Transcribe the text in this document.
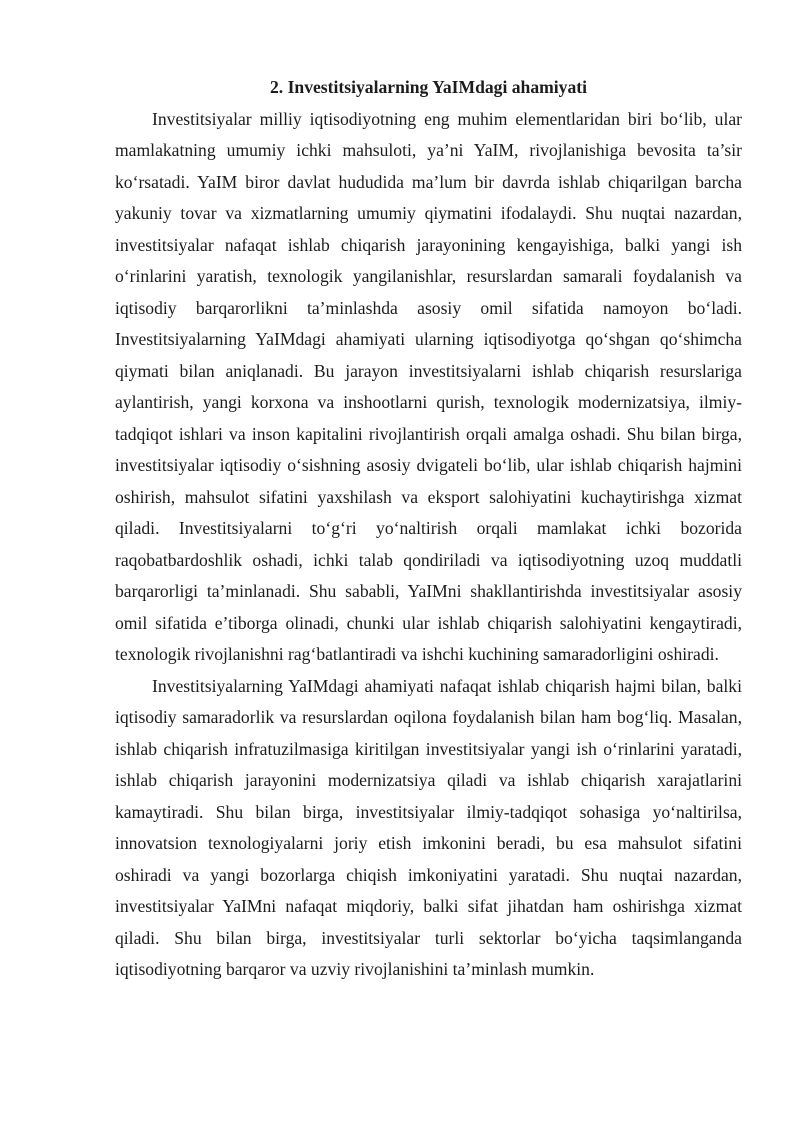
2. Investitsiyalarning YaIMdagi ahamiyati

Investitsiyalar milliy iqtisodiyotning eng muhim elementlaridan biri bo‘lib, ular mamlakatning umumiy ichki mahsuloti, ya’ni YaIM, rivojlanishiga bevosita ta’sir ko‘rsatadi. YaIM biror davlat hududida ma’lum bir davrda ishlab chiqarilgan barcha yakuniy tovar va xizmatlarning umumiy qiymatini ifodalaydi. Shu nuqtai nazardan, investitsiyalar nafaqat ishlab chiqarish jarayonining kengayishiga, balki yangi ish o‘rinlarini yaratish, texnologik yangilanishlar, resurslardan samarali foydalanish va iqtisodiy barqarorlikni ta’minlashda asosiy omil sifatida namoyon bo‘ladi. Investitsiyalarning YaIMdagi ahamiyati ularning iqtisodiyotga qo‘shgan qo‘shimcha qiymati bilan aniqlanadi. Bu jarayon investitsiyalarni ishlab chiqarish resurslariga aylantirish, yangi korxona va inshootlarni qurish, texnologik modernizatsiya, ilmiy-tadqiqot ishlari va inson kapitalini rivojlantirish orqali amalga oshadi. Shu bilan birga, investitsiyalar iqtisodiy o‘sishning asosiy dvigateli bo‘lib, ular ishlab chiqarish hajmini oshirish, mahsulot sifatini yaxshilash va eksport salohiyatini kuchaytirishga xizmat qiladi. Investitsiyalarni to‘g‘ri yo‘naltirish orqali mamlakat ichki bozorida raqobatbardoshlik oshadi, ichki talab qondiriladi va iqtisodiyotning uzoq muddatli barqarorligi ta’minlanadi. Shu sababli, YaIMni shakllantirishda investitsiyalar asosiy omil sifatida e’tiborga olinadi, chunki ular ishlab chiqarish salohiyatini kengaytiradi, texnologik rivojlanishni rag‘batlantiradi va ishchi kuchining samaradorligini oshiradi.

Investitsiyalarning YaIMdagi ahamiyati nafaqat ishlab chiqarish hajmi bilan, balki iqtisodiy samaradorlik va resurslardan oqilona foydalanish bilan ham bog‘liq. Masalan, ishlab chiqarish infratuzilmasiga kiritilgan investitsiyalar yangi ish o‘rinlarini yaratadi, ishlab chiqarish jarayonini modernizatsiya qiladi va ishlab chiqarish xarajatlarini kamaytiradi. Shu bilan birga, investitsiyalar ilmiy-tadqiqot sohasiga yo‘naltirilsa, innovatsion texnologiyalarni joriy etish imkonini beradi, bu esa mahsulot sifatini oshiradi va yangi bozorlarga chiqish imkoniyatini yaratadi. Shu nuqtai nazardan, investitsiyalar YaIMni nafaqat miqdoriy, balki sifat jihatdan ham oshirishga xizmat qiladi. Shu bilan birga, investitsiyalar turli sektorlar bo‘yicha taqsimlanganda iqtisodiyotning barqaror va uzviy rivojlanishini ta’minlash mumkin.
